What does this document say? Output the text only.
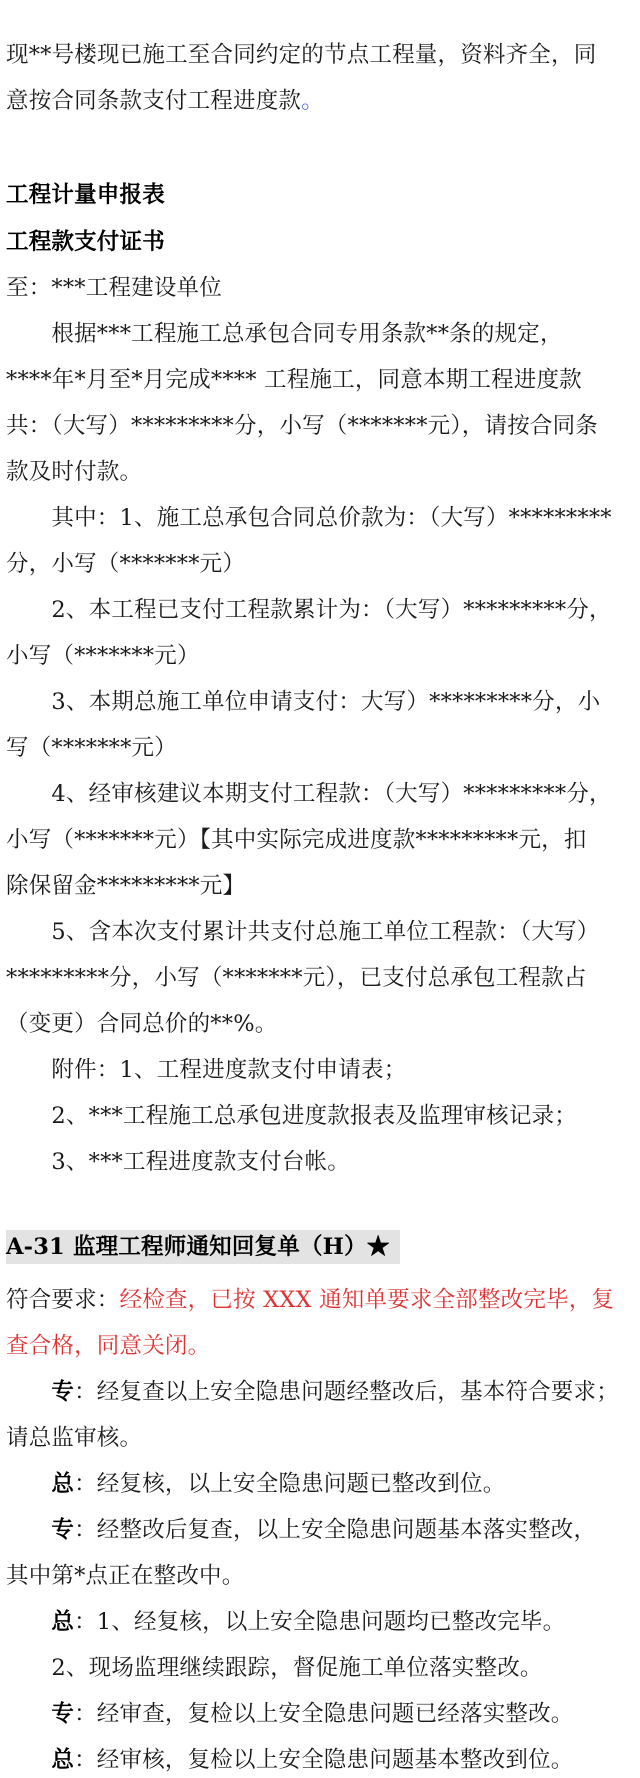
现**号楼现已施工至合同约定的节点工程量，资料齐全，同
意按合同条款支付工程进度款。
工程计量申报表
工程款支付证书
至：***工程建设单位
　　根据***工程施工总承包合同专用条款**条的规定，
****年*月至*月完成**** 工程施工，同意本期工程进度款
共：（大写）*********分，小写（*******元），请按合同条
款及时付款。
　　其中：1、施工总承包合同总价款为：（大写）*********
分，小写（*******元）
　　2、本工程已支付工程款累计为：（大写）*********分，
小写（*******元）
　　3、本期总施工单位申请支付：大写）*********分，小
写（*******元）
　　4、经审核建议本期支付工程款：（大写）*********分，
小写（*******元）【其中实际完成进度款*********元，扣
除保留金*********元】
　　5、含本次支付累计共支付总施工单位工程款：（大写）
*********分，小写（*******元），已支付总承包工程款占
（变更）合同总价的**%。
　　附件：1、工程进度款支付申请表；
　　2、***工程施工总承包进度款报表及监理审核记录；
　　3、***工程进度款支付台帐。
A-31 监理工程师通知回复单（H）★
符合要求：经检查，已按 XXX 通知单要求全部整改完毕，复
查合格，同意关闭。
　　专：经复查以上安全隐患问题经整改后，基本符合要求；
请总监审核。
　　总：经复核，以上安全隐患问题已整改到位。
　　专：经整改后复查，以上安全隐患问题基本落实整改，
其中第*点正在整改中。
　　总：1、经复核，以上安全隐患问题均已整改完毕。
　　2、现场监理继续跟踪，督促施工单位落实整改。
　　专：经审查，复检以上安全隐患问题已经落实整改。
　　总：经审核，复检以上安全隐患问题基本整改到位。
